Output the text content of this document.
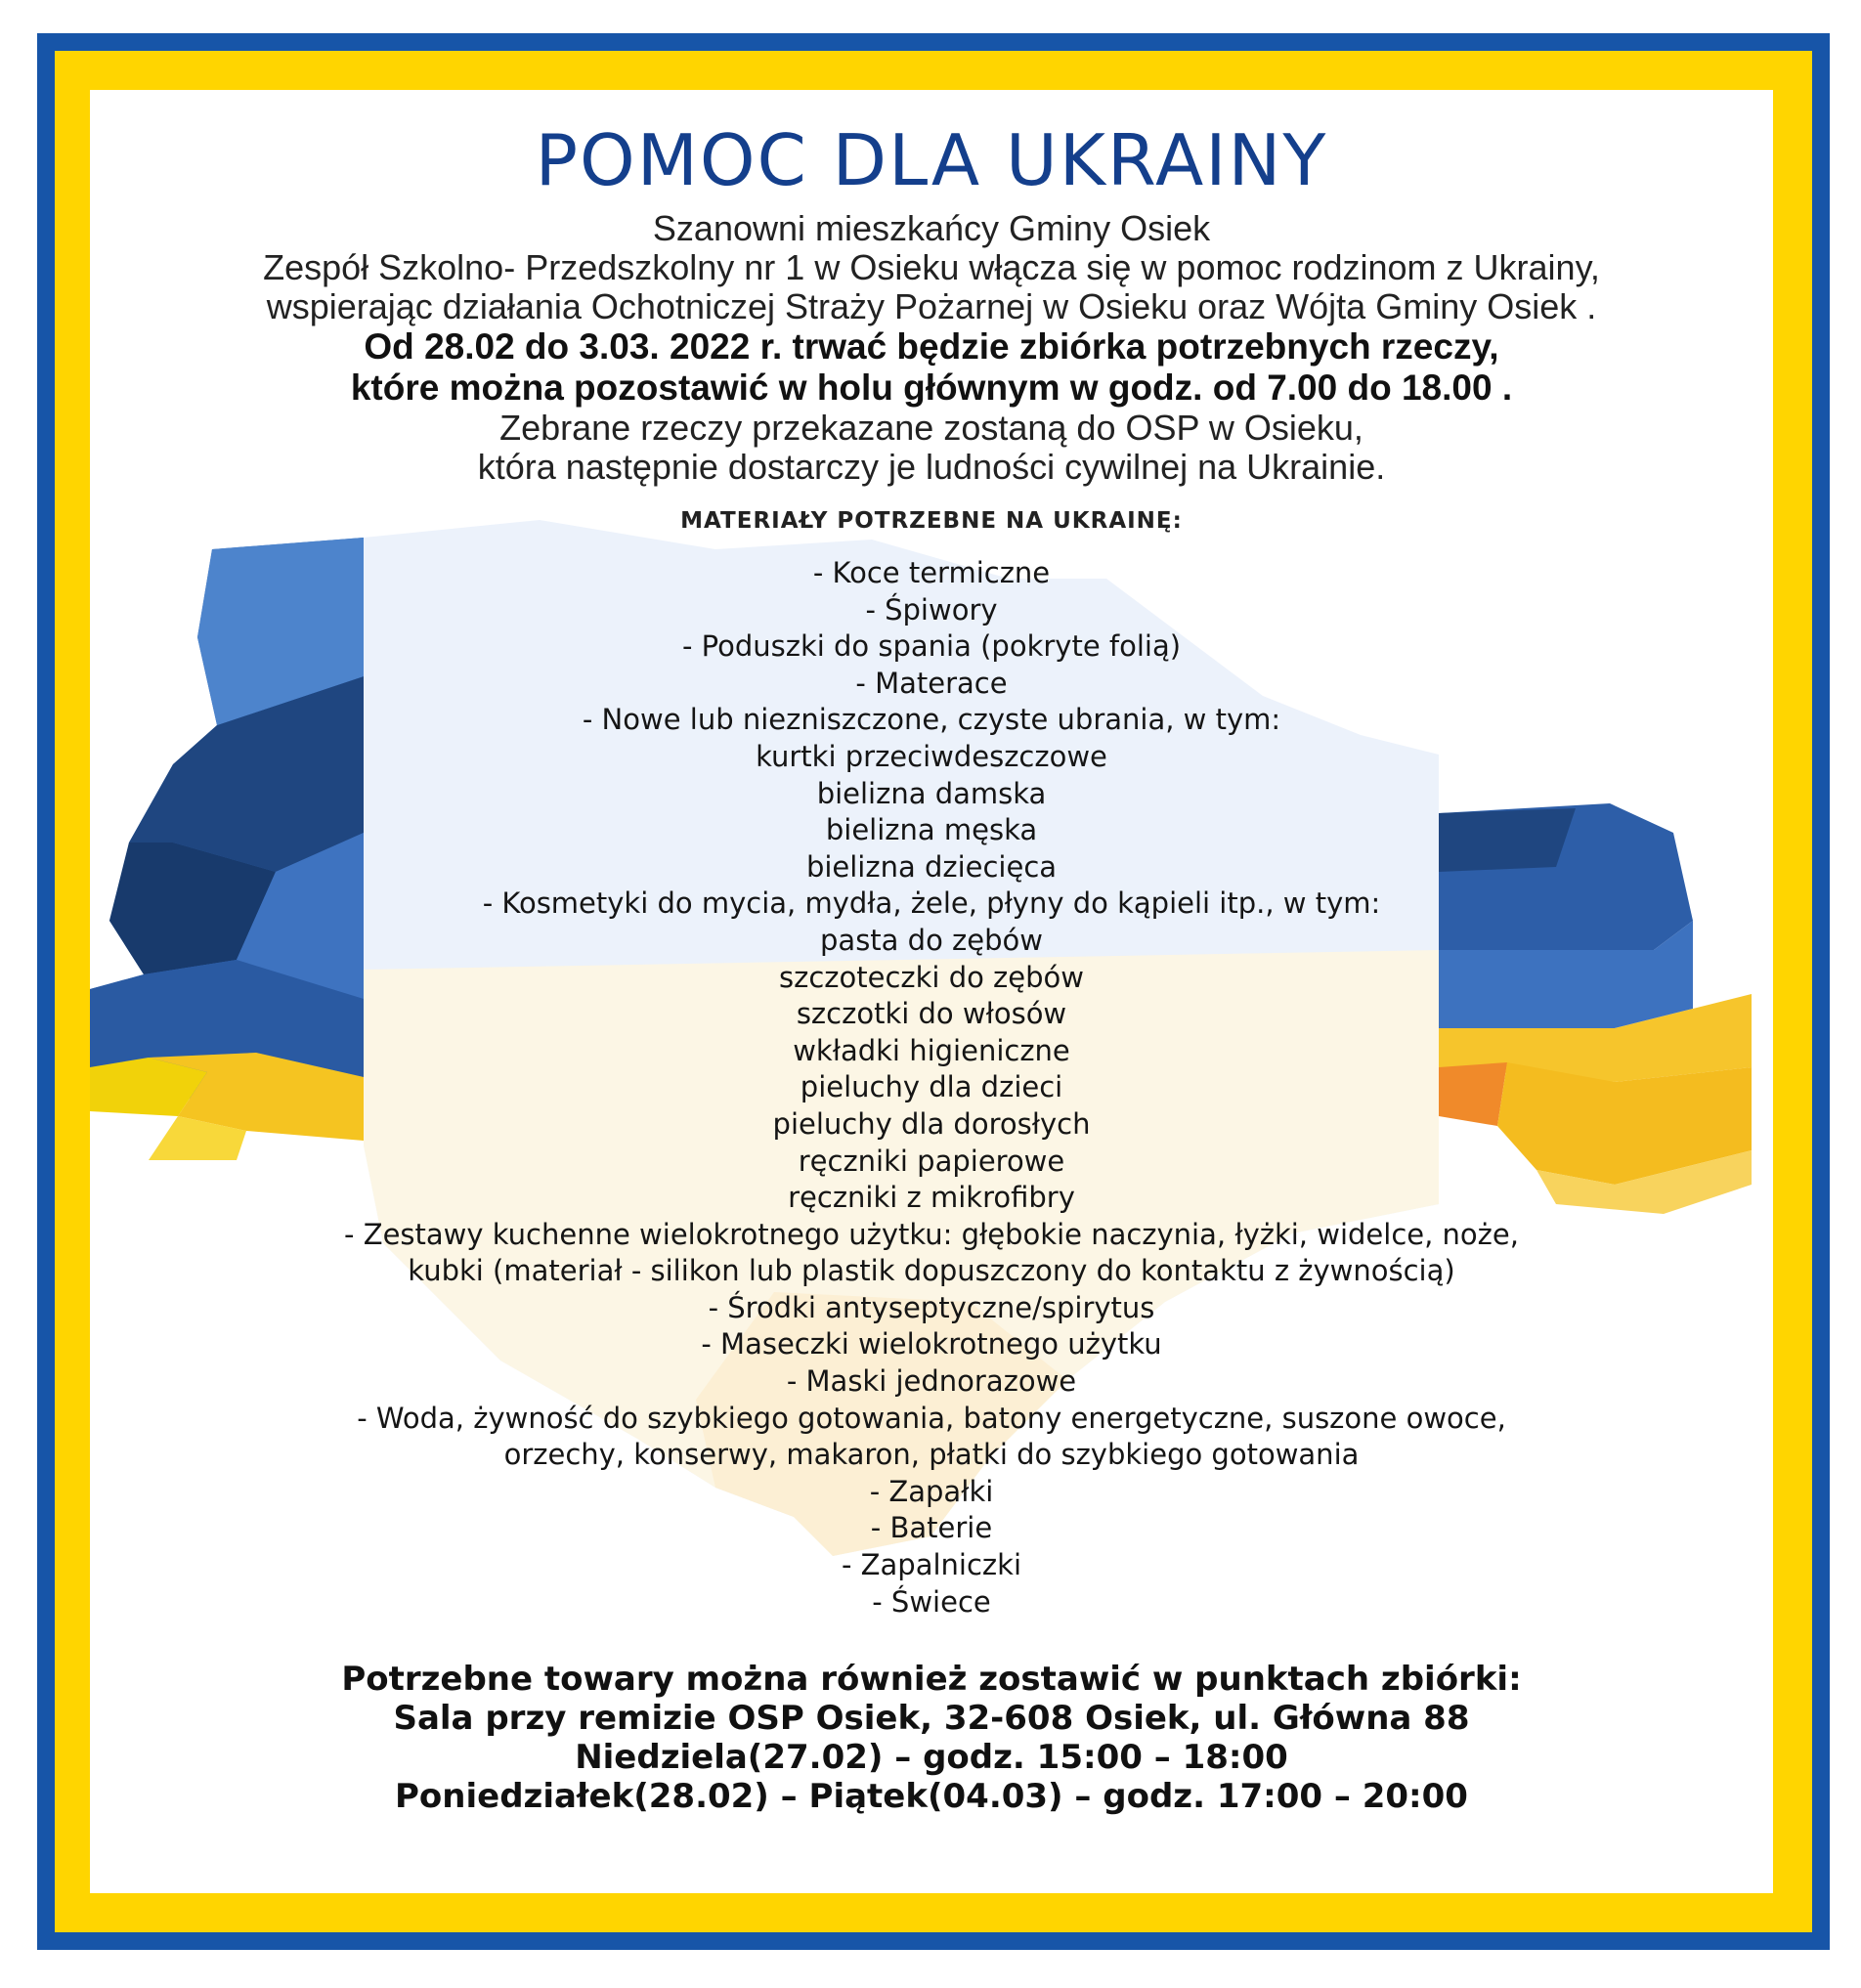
POMOC DLA UKRAINY
Szanowni mieszkańcy Gminy Osiek
Zespół Szkolno- Przedszkolny nr 1 w Osieku włącza się w pomoc rodzinom z Ukrainy,
wspierając działania Ochotniczej Straży Pożarnej w Osieku oraz Wójta Gminy Osiek .
Od 28.02 do 3.03. 2022 r. trwać będzie zbiórka potrzebnych rzeczy,
które można pozostawić w holu głównym w godz. od 7.00 do 18.00 .
Zebrane rzeczy przekazane zostaną do OSP w Osieku,
która następnie dostarczy je ludności cywilnej na Ukrainie.
MATERIAŁY POTRZEBNE NA UKRAINĘ:
- Koce termiczne
- Śpiwory
- Poduszki do spania (pokryte folią)
- Materace
- Nowe lub niezniszczone, czyste ubrania, w tym:
kurtki przeciwdeszczowe
bielizna damska
bielizna męska
bielizna dziecięca
- Kosmetyki do mycia, mydła, żele, płyny do kąpieli itp., w tym:
pasta do zębów
szczoteczki do zębów
szczotki do włosów
wkładki higieniczne
pieluchy dla dzieci
pieluchy dla dorosłych
ręczniki papierowe
ręczniki z mikrofibry
- Zestawy kuchenne wielokrotnego użytku: głębokie naczynia, łyżki, widelce, noże,
kubki (materiał - silikon lub plastik dopuszczony do kontaktu z żywnością)
- Środki antyseptyczne/spirytus
- Maseczki wielokrotnego użytku
- Maski jednorazowe
- Woda, żywność do szybkiego gotowania, batony energetyczne, suszone owoce,
orzechy, konserwy, makaron, płatki do szybkiego gotowania
- Zapałki
- Baterie
- Zapalniczki
- Świece
Potrzebne towary można również zostawić w punktach zbiórki:
Sala przy remizie OSP Osiek, 32-608 Osiek, ul. Główna 88
Niedziela(27.02) – godz. 15:00 – 18:00
Poniedziałek(28.02) – Piątek(04.03) – godz. 17:00 – 20:00
